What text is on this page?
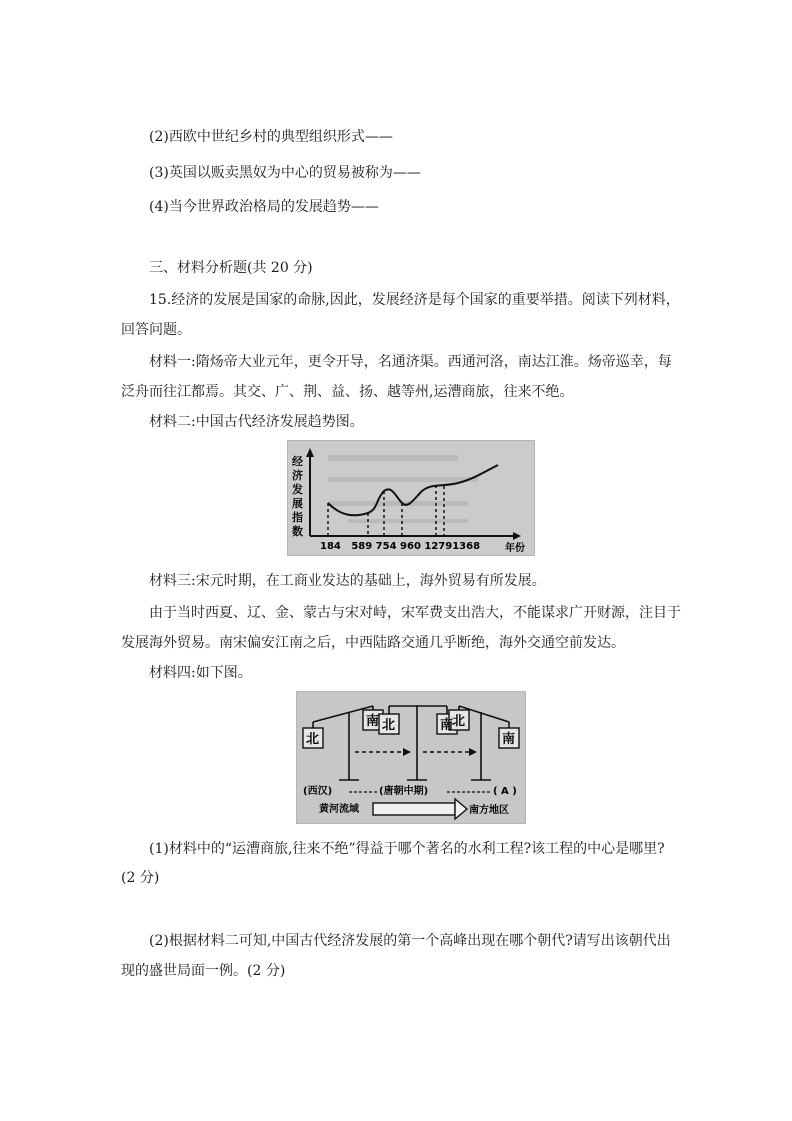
(2)西欧中世纪乡村的典型组织形式——
(3)英国以贩卖黑奴为中心的贸易被称为——
(4)当今世界政治格局的发展趋势——
三、材料分析题(共 20 分)
15.经济的发展是国家的命脉,因此，发展经济是每个国家的重要举措。阅读下列材料，
回答问题。
材料一:隋炀帝大业元年，更令开导，名通济渠。西通河洛，南达江淮。炀帝巡幸，每
泛舟而往江都焉。其交、广、荆、益、扬、越等州,运漕商旅，往来不绝。
材料二:中国古代经济发展趋势图。
经
济
发
展
指
数
184   589 754 960 12791368 年份
材料三:宋元时期，在工商业发达的基础上，海外贸易有所发展。
由于当时西夏、辽、金、蒙古与宋对峙，宋军费支出浩大，不能谋求广开财源，注目于
发展海外贸易。南宋偏安江南之后，中西陆路交通几乎断绝，海外交通空前发达。
材料四:如下图。
北
南 北	南
北
南
(西汉)	(唐朝中期)	( A )
黄河流域	南方地区
(1)材料中的“运漕商旅,往来不绝”得益于哪个著名的水利工程?该工程的中心是哪里?
(2 分)
(2)根据材料二可知,中国古代经济发展的第一个高峰出现在哪个朝代?请写出该朝代出
现的盛世局面一例。(2 分)
